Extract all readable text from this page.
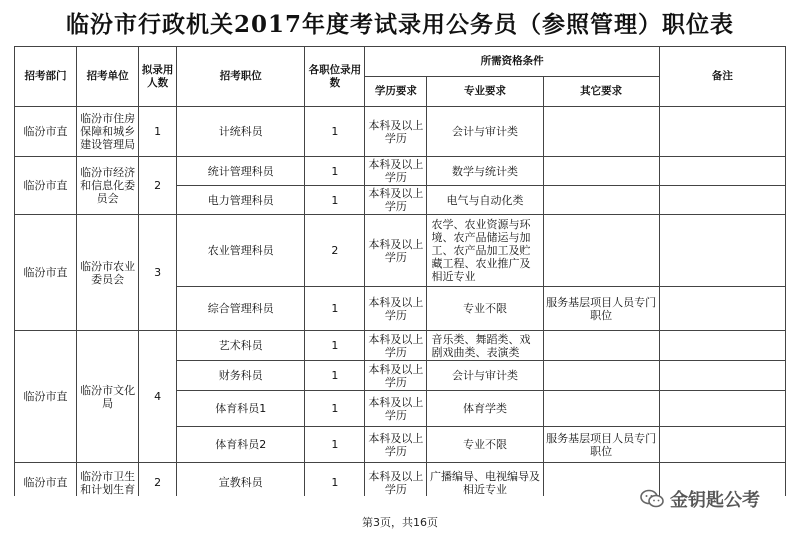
临汾市行政机关2017年度考试录用公务员（参照管理）职位表
招考部门	招考单位	拟录用人数	招考职位	各职位录用数	所需资格条件			备注
					学历要求	专业要求	其它要求	
临汾市直	临汾市住房保障和城乡建设管理局	1	计统科员	1	本科及以上学历	会计与审计类		
临汾市直	临汾市经济和信息化委员会	2	统计管理科员	1	本科及以上学历	数学与统计类		
			电力管理科员	1	本科及以上学历	电气与自动化类		
临汾市直	临汾市农业委员会	3	农业管理科员	2	本科及以上学历	农学、农业资源与环境、农产品储运与加工、农产品加工及贮藏工程、农业推广及相近专业		
			综合管理科员	1	本科及以上学历	专业不限	服务基层项目人员专门职位	
临汾市直	临汾市文化局	4	艺术科员	1	本科及以上学历	音乐类、舞蹈类、戏剧戏曲类、表演类		
			财务科员	1	本科及以上学历	会计与审计类		
			体育科员1	1	本科及以上学历	体育学类		
			体育科员2	1	本科及以上学历	专业不限	服务基层项目人员专门职位	
临汾市直	临汾市卫生和计划生育	2	宣教科员	1	本科及以上学历	广播编导、电视编导及相近专业		
金钥匙公考
第3页，共16页
